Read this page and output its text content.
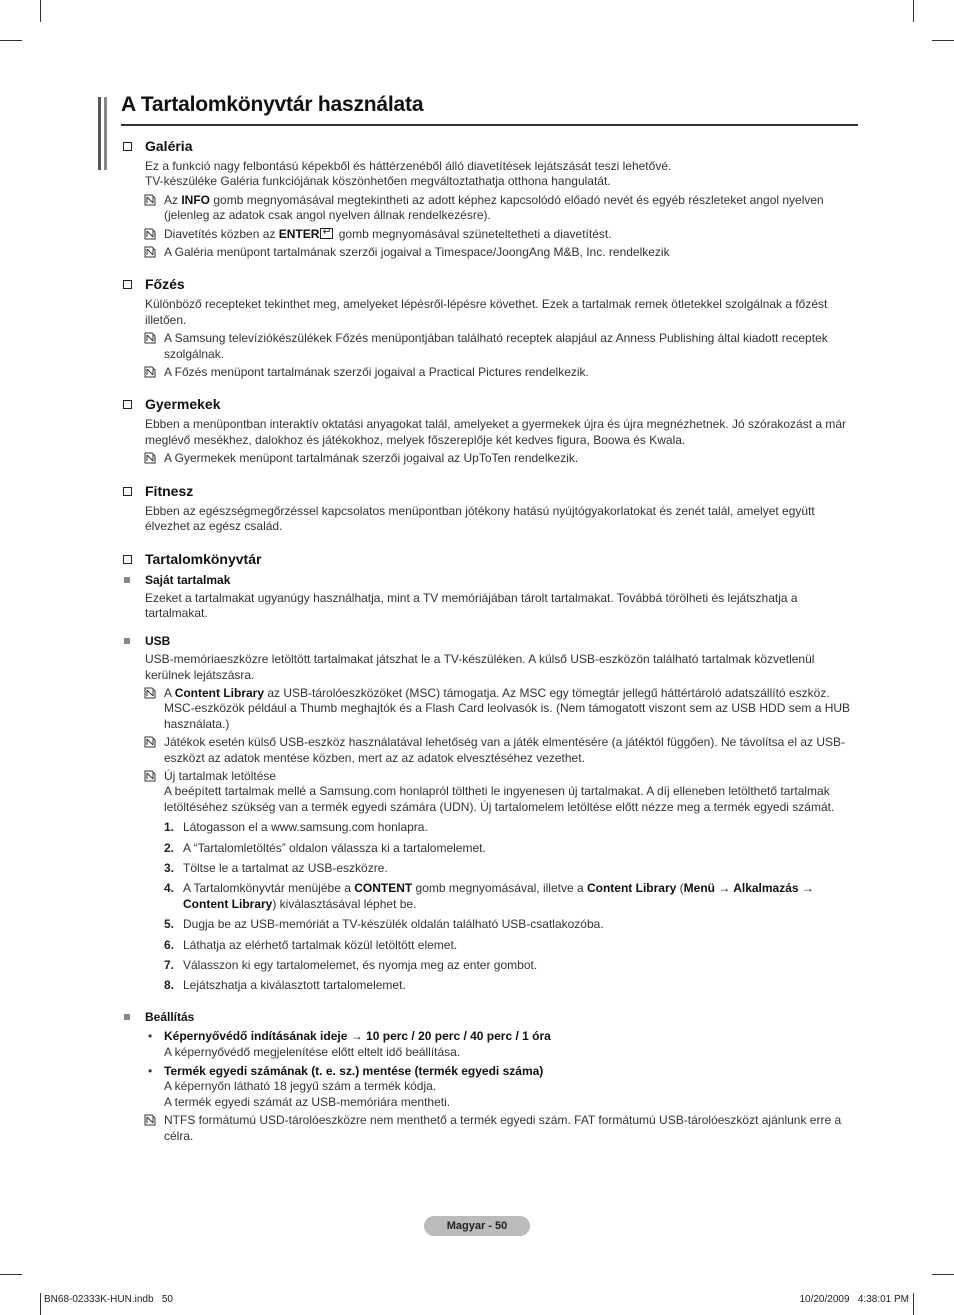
A Tartalomkönyvtár használata
Galéria
Ez a funkció nagy felbontású képekből és háttérzenéből álló diavetítések lejátszását teszi lehetővé.
TV-készüléke Galéria funkciójának köszönhetően megváltoztathatja otthona hangulatát.
Az INFO gomb megnyomásával megtekintheti az adott képhez kapcsolódó előadó nevét és egyéb részleteket angol nyelven (jelenleg az adatok csak angol nyelven állnak rendelkezésre).
Diavetítés közben az ENTER↵ gomb megnyomásával szüneteltetheti a diavetítést.
A Galéria menüpont tartalmának szerzői jogaival a Timespace/JoongAng M&B, Inc. rendelkezik
Főzés
Különböző recepteket tekinthet meg, amelyeket lépésről-lépésre követhet. Ezek a tartalmak remek ötletekkel szolgálnak a főzést illetően.
A Samsung televíziókészülékek Főzés menüpontjában található receptek alapjául az Anness Publishing által kiadott receptek szolgálnak.
A Főzés menüpont tartalmának szerzői jogaival a Practical Pictures rendelkezik.
Gyermekek
Ebben a menüpontban interaktív oktatási anyagokat talál, amelyeket a gyermekek újra és újra megnézhetnek. Jó szórakozást a már meglévő mesékhez, dalokhoz és játékokhoz, melyek főszereplője két kedves figura, Boowa és Kwala.
A Gyermekek menüpont tartalmának szerzői jogaival az UpToTen rendelkezik.
Fitnesz
Ebben az egészségmegőrzéssel kapcsolatos menüpontban jótékony hatású nyújtógyakorlatokat és zenét talál, amelyet együtt élvezhet az egész család.
Tartalomkönyvtár
Saját tartalmak
Ezeket a tartalmakat ugyanúgy használhatja, mint a TV memóriájában tárolt tartalmakat. Továbbá törölheti és lejátszhatja a tartalmakat.
USB
USB-memóriaeszközre letöltött tartalmakat játszhat le a TV-készüléken. A külső USB-eszközön található tartalmak közvetlenül kerülnek lejátszásra.
A Content Library az USB-tárolóeszközöket (MSC) támogatja. Az MSC egy tömegtár jellegű háttértároló adatszállító eszköz. MSC-eszközök például a Thumb meghajtók és a Flash Card leolvasók is. (Nem támogatott viszont sem az USB HDD sem a HUB használata.)
Játékok esetén külső USB-eszköz használatával lehetőség van a játék elmentésére (a játéktól függően). Ne távolítsa el az USB-eszközt az adatok mentése közben, mert az az adatok elvesztéséhez vezethet.
Új tartalmak letöltése
A beépített tartalmak mellé a Samsung.com honlapról töltheti le ingyenesen új tartalmakat. A díj elleneben letölthető tartalmak letöltéséhez szükség van a termék egyedi számára (UDN). Új tartalomelem letöltése előtt nézze meg a termék egyedi számát.
1. Látogasson el a www.samsung.com honlapra.
2. A “Tartalomletöltés” oldalon válassza ki a tartalomelemet.
3. Töltse le a tartalmat az USB-eszközre.
4. A Tartalomkönyvtár menüjébe a CONTENT gomb megnyomásával, illetve a Content Library (Menü → Alkalmazás → Content Library) kiválasztásával léphet be.
5. Dugja be az USB-memóriát a TV-készülék oldalán található USB-csatlakozóba.
6. Láthatja az elérhető tartalmak közül letöltött elemet.
7. Válasszon ki egy tartalomelemet, és nyomja meg az enter gombot.
8. Lejátszhatja a kiválasztott tartalomelemet.
Beállítás
• Képernyővédő indításának ideje → 10 perc / 20 perc / 40 perc / 1 óra
A képernyővédő megjelenítése előtt eltelt idő beállítása.
• Termék egyedi számának (t. e. sz.) mentése (termék egyedi száma)
A képernyőn látható 18 jegyű szám a termék kódja.
A termék egyedi számát az USB-memóriára mentheti.
NTFS formátumú USD-tárolóeszközre nem menthető a termék egyedi szám. FAT formátumú USB-tárolóeszközt ajánlunk erre a célra.
Magyar - 50
BN68-02333K-HUN.indb   50	10/20/2009   4:38:01 PM
